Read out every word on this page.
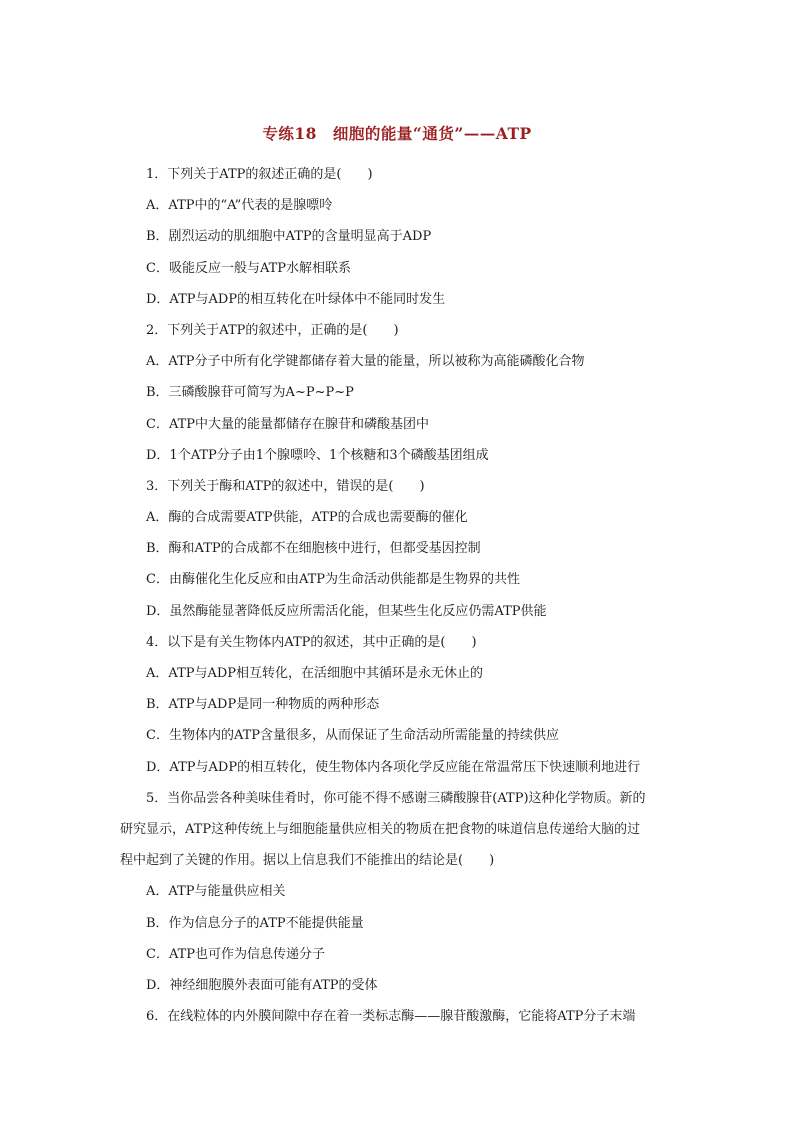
专练18　细胞的能量“通货”——ATP
1．下列关于ATP的叙述正确的是(　　)
A．ATP中的“A”代表的是腺嘌呤
B．剧烈运动的肌细胞中ATP的含量明显高于ADP
C．吸能反应一般与ATP水解相联系
D．ATP与ADP的相互转化在叶绿体中不能同时发生
2．下列关于ATP的叙述中，正确的是(　　)
A．ATP分子中所有化学键都储存着大量的能量，所以被称为高能磷酸化合物
B．三磷酸腺苷可简写为A~P~P~P
C．ATP中大量的能量都储存在腺苷和磷酸基团中
D．1个ATP分子由1个腺嘌呤、1个核糖和3个磷酸基团组成
3．下列关于酶和ATP的叙述中，错误的是(　　)
A．酶的合成需要ATP供能，ATP的合成也需要酶的催化
B．酶和ATP的合成都不在细胞核中进行，但都受基因控制
C．由酶催化生化反应和由ATP为生命活动供能都是生物界的共性
D．虽然酶能显著降低反应所需活化能，但某些生化反应仍需ATP供能
4．以下是有关生物体内ATP的叙述，其中正确的是(　　)
A．ATP与ADP相互转化，在活细胞中其循环是永无休止的
B．ATP与ADP是同一种物质的两种形态
C．生物体内的ATP含量很多，从而保证了生命活动所需能量的持续供应
D．ATP与ADP的相互转化，使生物体内各项化学反应能在常温常压下快速顺利地进行
5．当你品尝各种美味佳肴时，你可能不得不感谢三磷酸腺苷(ATP)这种化学物质。新的
研究显示，ATP这种传统上与细胞能量供应相关的物质在把食物的味道信息传递给大脑的过
程中起到了关键的作用。据以上信息我们不能推出的结论是(　　)
A．ATP与能量供应相关
B．作为信息分子的ATP不能提供能量
C．ATP也可作为信息传递分子
D．神经细胞膜外表面可能有ATP的受体
6．在线粒体的内外膜间隙中存在着一类标志酶——腺苷酸激酶，它能将ATP分子末端
